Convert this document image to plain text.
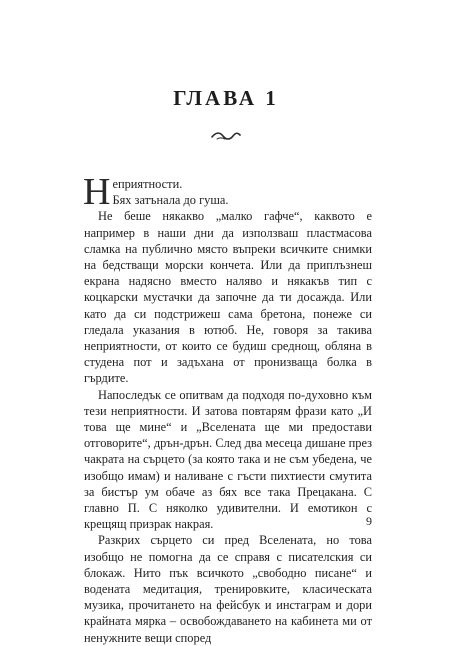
ГЛАВА 1

Неприятности.

Бях затънала до гуша.

Не беше някакво „малко гафче“, каквото е например в наши дни да използваш пластмасова сламка на публично място въпреки всичките снимки на бедстващи морски кончета. Или да приплъзнеш екрана надясно вместо наляво и някакъв тип с коцкарски мустачки да започне да ти досажда. Или като да си подстрижеш сама бретона, понеже си гледала указания в ютюб. Не, говоря за такива неприятности, от които се будиш среднощ, обляна в студена пот и задъхана от пронизваща болка в гърдите.

Напоследък се опитвам да подходя по-духовно към тези неприятности. И затова повтарям фрази като „И това ще мине“ и „Вселената ще ми предостави отговорите“, дрън-дрън. След два месеца дишане през чакрата на сърцето (за която така и не съм убедена, че изобщо имам) и наливане с гъсти пихтиести смутита за бистър ум обаче аз бях все така Прецакана. С главно П. С няколко удивителни. И емотикон с крещящ призрак накрая.

Разкрих сърцето си пред Вселената, но това изобщо не помогна да се справя с писателския си блокаж. Нито пък всичкото „свободно писане“ и водената медитация, тренировките, класическата музика, прочитането на фейсбук и инстаграм и дори крайната мярка – освобождаването на кабинета ми от ненужните вещи според

9
